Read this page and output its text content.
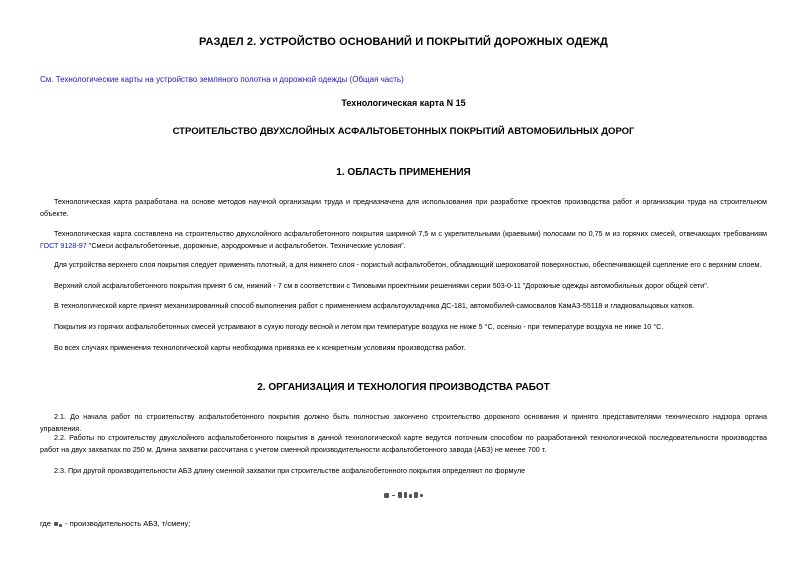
РАЗДЕЛ 2. УСТРОЙСТВО ОСНОВАНИЙ И ПОКРЫТИЙ ДОРОЖНЫХ ОДЕЖД
См. Технологические карты на устройство земляного полотна и дорожной одежды (Общая часть)
Технологическая карта N 15
СТРОИТЕЛЬСТВО ДВУХСЛОЙНЫХ АСФАЛЬТОБЕТОННЫХ ПОКРЫТИЙ АВТОМОБИЛЬНЫХ ДОРОГ
1. ОБЛАСТЬ ПРИМЕНЕНИЯ

Технологическая карта разработана на основе методов научной организации труда и предназначена для использования при разработке проектов производства работ и организации труда на строительном объекте.

Технологическая карта составлена на строительство двухслойного асфальтобетонного покрытия шириной 7,5 м с укрепительными (краевыми) полосами по 0,75 м из горячих смесей, отвечающих требованиям ГОСТ 9128-97 "Смеси асфальтобетонные, дорожные, аэродромные и асфальтобетон. Технические условия".

Для устройства верхнего слоя покрытия следует применять плотный, а для нижнего слоя - пористый асфальтобетон, обладающий шероховатой поверхностью, обеспечивающей сцепление его с верхним слоем.

Верхний слой асфальтобетонного покрытия принят 6 см, нижний - 7 см в соответствии с Типовыми проектными решениями серии 503-0-11 "Дорожные одежды автомобильных дорог общей сети".

В технологической карте принят механизированный способ выполнения работ с применением асфальтоукладчика ДС-181, автомобилей-самосвалов КамАЗ-55118 и гладковальцовых катков.

Покрытия из горячих асфальтобетонных смесей устраивают в сухую погоду весной и летом при температуре воздуха не ниже 5 °С, осенью - при температуре воздуха не ниже 10 °С.

Во всех случаях применения технологической карты необходима привязка ее к конкретным условиям производства работ.

2. ОРГАНИЗАЦИЯ И ТЕХНОЛОГИЯ ПРОИЗВОДСТВА РАБОТ

2.1. До начала работ по строительству асфальтобетонного покрытия должно быть полностью закончено строительство дорожного основания и принято представителями технического надзора органа управления.

2.2. Работы по строительству двухслойного асфальтобетонного покрытия в данной технологической карте ведутся поточным способом по разработанной технологической последовательности производства работ на двух захватках по 250 м. Длина захватки рассчитана с учетом сменной производительности асфальтобетонного завода (АБЗ) не менее 700 т.

2.3. При другой производительности АБЗ длину сменной захватки при строительстве асфальтобетонного покрытия определяют по формуле

где - производительность АБЗ, т/смену;
